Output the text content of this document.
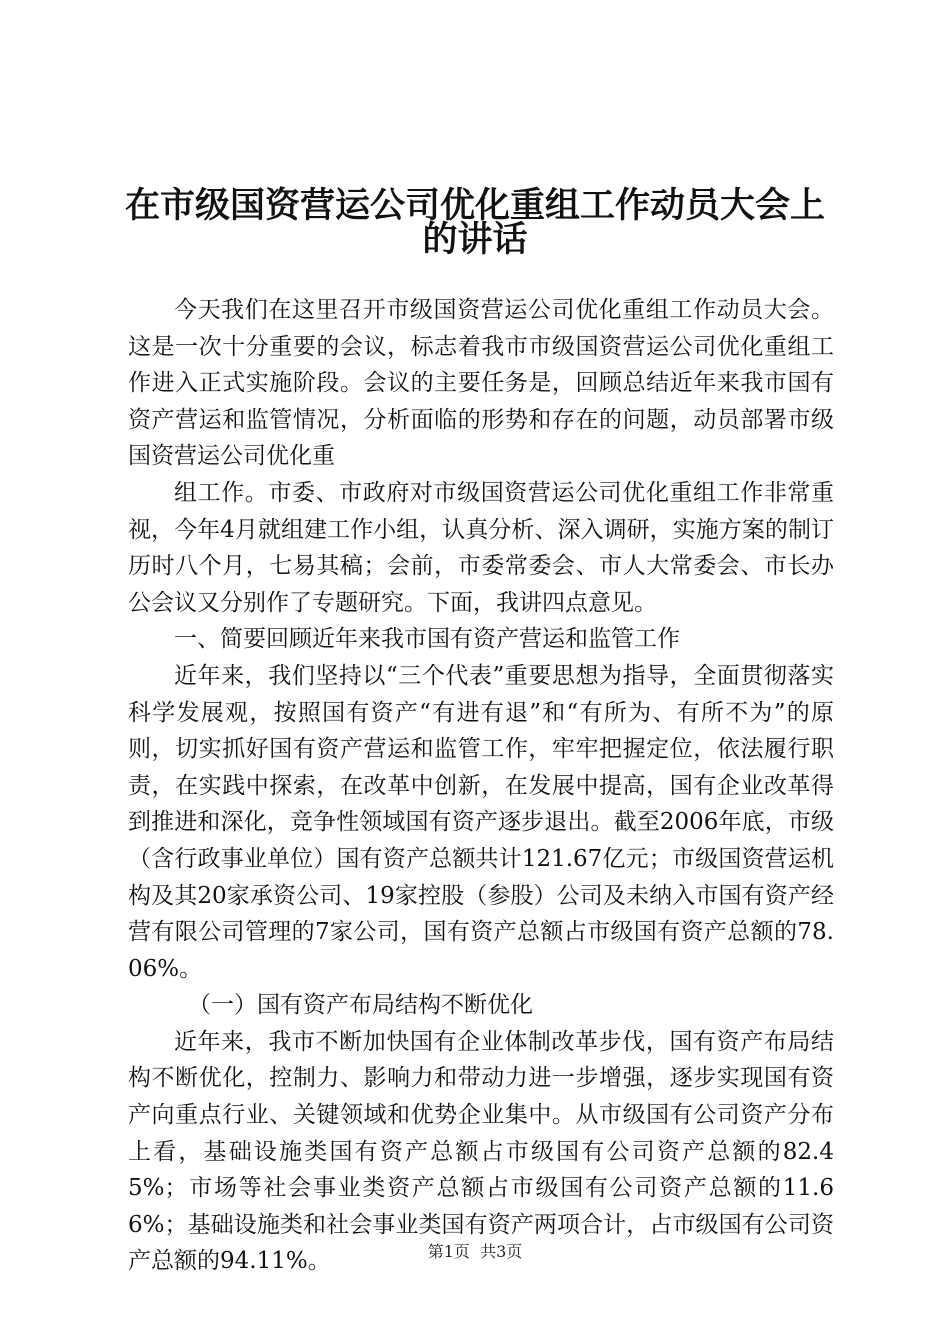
在市级国资营运公司优化重组工作动员大会上
的讲话

今天我们在这里召开市级国资营运公司优化重组工作动员大会。这是一次十分重要的会议，标志着我市市级国资营运公司优化重组工作进入正式实施阶段。会议的主要任务是，回顾总结近年来我市国有资产营运和监管情况，分析面临的形势和存在的问题，动员部署市级国资营运公司优化重

组工作。市委、市政府对市级国资营运公司优化重组工作非常重视，今年4月就组建工作小组，认真分析、深入调研，实施方案的制订历时八个月，七易其稿；会前，市委常委会、市人大常委会、市长办公会议又分别作了专题研究。下面，我讲四点意见。

一、简要回顾近年来我市国有资产营运和监管工作

近年来，我们坚持以“三个代表”重要思想为指导，全面贯彻落实科学发展观，按照国有资产“有进有退”和“有所为、有所不为”的原则，切实抓好国有资产营运和监管工作，牢牢把握定位，依法履行职责，在实践中探索，在改革中创新，在发展中提高，国有企业改革得到推进和深化，竞争性领域国有资产逐步退出。截至2006年底，市级（含行政事业单位）国有资产总额共计121.67亿元；市级国资营运机构及其20家承资公司、19家控股（参股）公司及未纳入市国有资产经营有限公司管理的7家公司，国有资产总额占市级国有资产总额的78.06%。

（一）国有资产布局结构不断优化

近年来，我市不断加快国有企业体制改革步伐，国有资产布局结构不断优化，控制力、影响力和带动力进一步增强，逐步实现国有资产向重点行业、关键领域和优势企业集中。从市级国有公司资产分布上看，基础设施类国有资产总额占市级国有公司资产总额的82.45%；市场等社会事业类资产总额占市级国有公司资产总额的11.66%；基础设施类和社会事业类国有资产两项合计，占市级国有公司资产总额的94.11%。	第1页 共3页
